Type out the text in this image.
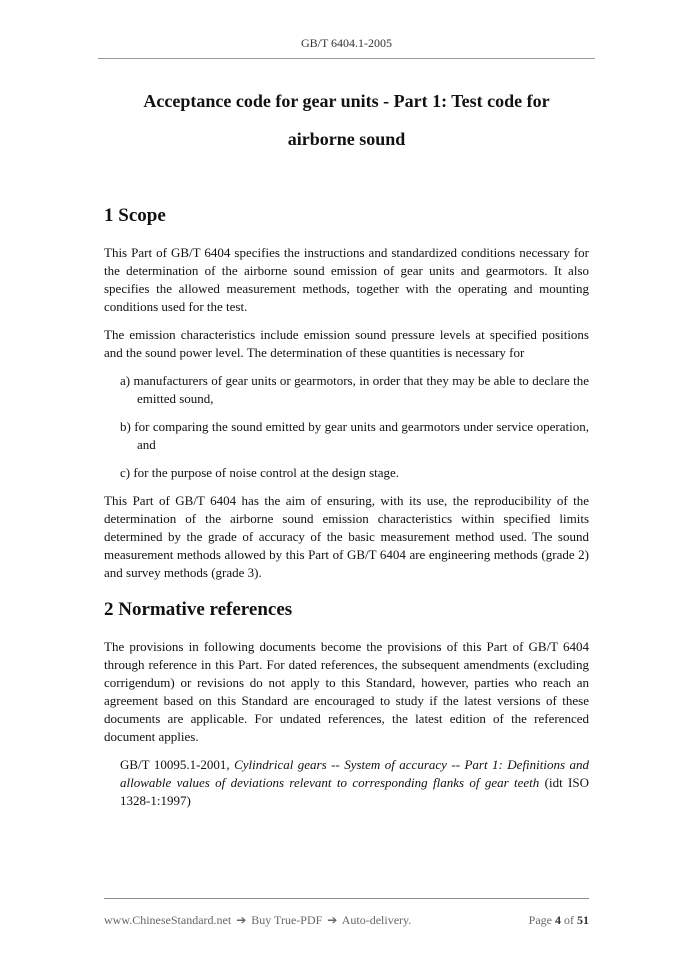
GB/T 6404.1-2005
Acceptance code for gear units - Part 1: Test code for
airborne sound
1 Scope
This Part of GB/T 6404 specifies the instructions and standardized conditions necessary for the determination of the airborne sound emission of gear units and gearmotors. It also specifies the allowed measurement methods, together with the operating and mounting conditions used for the test.
The emission characteristics include emission sound pressure levels at specified positions and the sound power level. The determination of these quantities is necessary for
a) manufacturers of gear units or gearmotors, in order that they may be able to declare the emitted sound,
b) for comparing the sound emitted by gear units and gearmotors under service operation, and
c) for the purpose of noise control at the design stage.
This Part of GB/T 6404 has the aim of ensuring, with its use, the reproducibility of the determination of the airborne sound emission characteristics within specified limits determined by the grade of accuracy of the basic measurement method used. The sound measurement methods allowed by this Part of GB/T 6404 are engineering methods (grade 2) and survey methods (grade 3).
2 Normative references
The provisions in following documents become the provisions of this Part of GB/T 6404 through reference in this Part. For dated references, the subsequent amendments (excluding corrigendum) or revisions do not apply to this Standard, however, parties who reach an agreement based on this Standard are encouraged to study if the latest versions of these documents are applicable. For undated references, the latest edition of the referenced document applies.
GB/T 10095.1-2001, Cylindrical gears -- System of accuracy -- Part 1: Definitions and allowable values of deviations relevant to corresponding flanks of gear teeth (idt ISO 1328-1:1997)
www.ChineseStandard.net ➔ Buy True-PDF ➔ Auto-delivery.	Page 4 of 51
